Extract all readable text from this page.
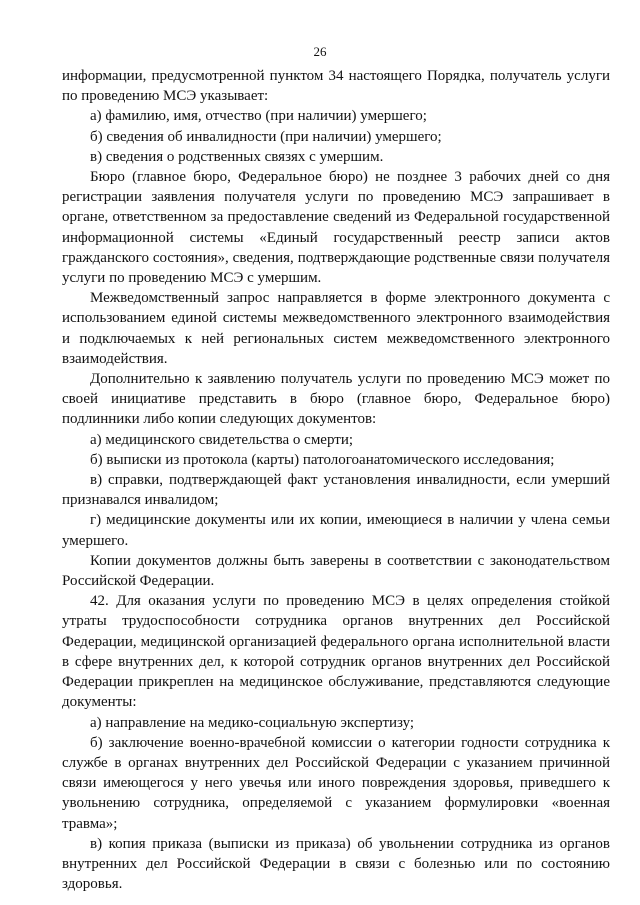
26

информации, предусмотренной пунктом 34 настоящего Порядка, получатель услуги по проведению МСЭ указывает:

а) фамилию, имя, отчество (при наличии) умершего;

б) сведения об инвалидности (при наличии) умершего;

в) сведения о родственных связях с умершим.

Бюро (главное бюро, Федеральное бюро) не позднее 3 рабочих дней со дня регистрации заявления получателя услуги по проведению МСЭ запрашивает в органе, ответственном за предоставление сведений из Федеральной государственной информационной системы «Единый государственный реестр записи актов гражданского состояния», сведения, подтверждающие родственные связи получателя услуги по проведению МСЭ с умершим.

Межведомственный запрос направляется в форме электронного документа с использованием единой системы межведомственного электронного взаимодействия и подключаемых к ней региональных систем межведомственного электронного взаимодействия.

Дополнительно к заявлению получатель услуги по проведению МСЭ может по своей инициативе представить в бюро (главное бюро, Федеральное бюро) подлинники либо копии следующих документов:

а) медицинского свидетельства о смерти;

б) выписки из протокола (карты) патологоанатомического исследования;

в) справки, подтверждающей факт установления инвалидности, если умерший признавался инвалидом;

г) медицинские документы или их копии, имеющиеся в наличии у члена семьи умершего.

Копии документов должны быть заверены в соответствии с законодательством Российской Федерации.

42. Для оказания услуги по проведению МСЭ в целях определения стойкой утраты трудоспособности сотрудника органов внутренних дел Российской Федерации, медицинской организацией федерального органа исполнительной власти в сфере внутренних дел, к которой сотрудник органов внутренних дел Российской Федерации прикреплен на медицинское обслуживание, представляются следующие документы:

а) направление на медико-социальную экспертизу;

б) заключение военно-врачебной комиссии о категории годности сотрудника к службе в органах внутренних дел Российской Федерации с указанием причинной связи имеющегося у него увечья или иного повреждения здоровья, приведшего к увольнению сотрудника, определяемой с указанием формулировки «военная травма»;

в) копия приказа (выписки из приказа) об увольнении сотрудника из органов внутренних дел Российской Федерации в связи с болезнью или по состоянию здоровья.
